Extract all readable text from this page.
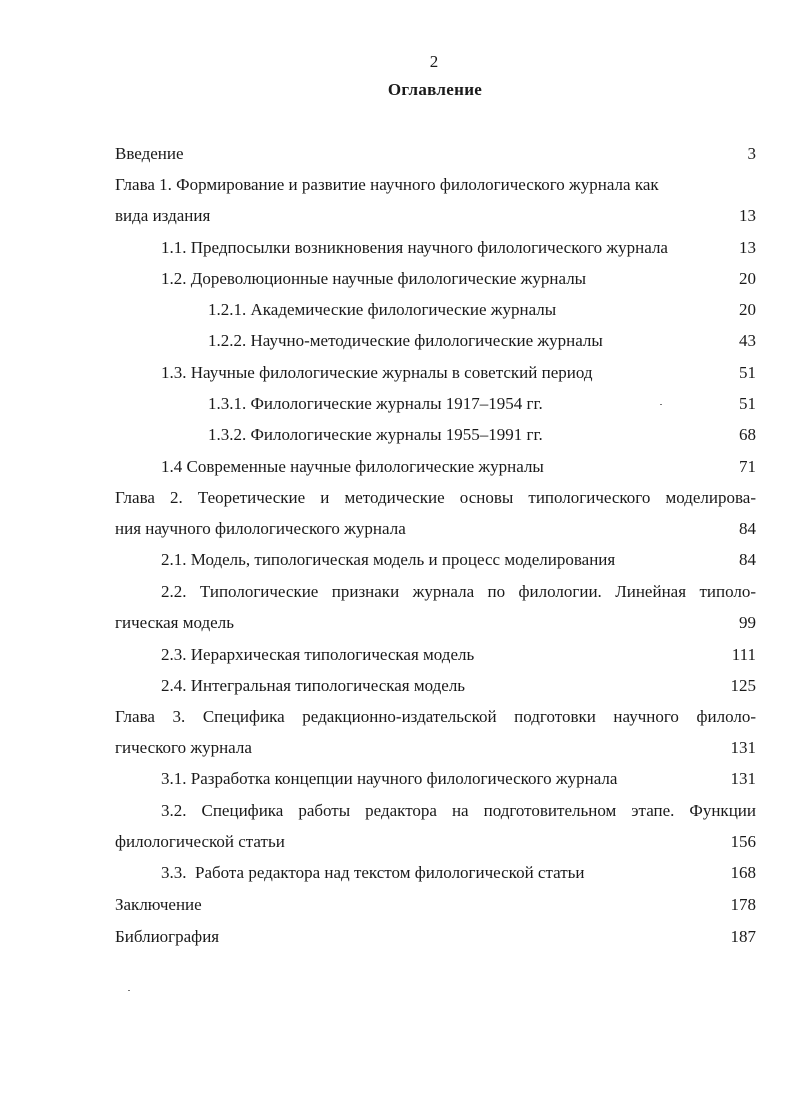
2
Оглавление
Введение	3
Глава 1. Формирование и развитие научного филологического журнала как
вида издания	13
1.1. Предпосылки возникновения научного филологического журнала	13
1.2. Дореволюционные научные филологические журналы	20
1.2.1. Академические филологические журналы	20
1.2.2. Научно-методические филологические журналы	43
1.3. Научные филологические журналы в советский период	51
1.3.1. Филологические журналы 1917–1954 гг.	51
1.3.2. Филологические журналы 1955–1991 гг.	68
1.4 Современные научные филологические журналы	71
Глава 2. Теоретические и методические основы типологического моделирова-
ния научного филологического журнала	84
2.1. Модель, типологическая модель и процесс моделирования	84
2.2. Типологические признаки журнала по филологии. Линейная типоло-
гическая модель	99
2.3. Иерархическая типологическая модель	111
2.4. Интегральная типологическая модель	125
Глава 3. Специфика редакционно-издательской подготовки научного филоло-
гического журнала	131
3.1. Разработка концепции научного филологического журнала	131
3.2. Специфика работы редактора на подготовительном этапе. Функции
филологической статьи	156
3.3.  Работа редактора над текстом филологической статьи	168
Заключение	178
Библиография	187
